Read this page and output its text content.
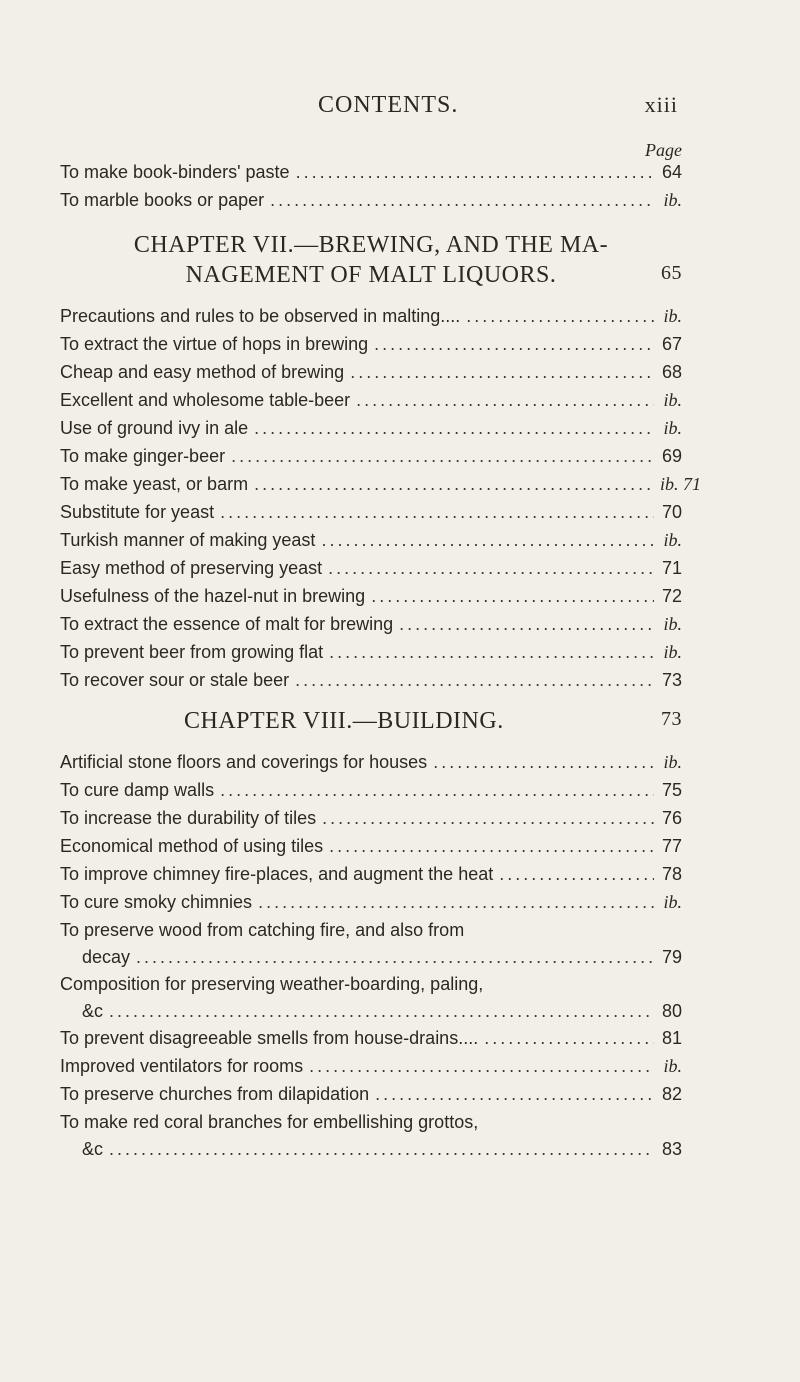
CONTENTS.	xiii
Page
To make book-binders' paste .....	64
To marble books or paper .....	ib.
CHAPTER VII.—BREWING, AND THE MA-
NAGEMENT OF MALT LIQUORS.	65
Precautions and rules to be observed in malting.... .....	ib.
To extract the virtue of hops in brewing .....	67
Cheap and easy method of brewing .....	68
Excellent and wholesome table-beer .....	ib.
Use of ground ivy in ale .....	ib.
To make ginger-beer .....	69
To make yeast, or barm .....	ib. 71
Substitute for yeast .....	70
Turkish manner of making yeast .....	ib.
Easy method of preserving yeast .....	71
Usefulness of the hazel-nut in brewing .....	72
To extract the essence of malt for brewing .....	ib.
To prevent beer from growing flat .....	ib.
To recover sour or stale beer .....	73
CHAPTER VIII.—BUILDING.	73
Artificial stone floors and coverings for houses .....	ib.
To cure damp walls .....	75
To increase the durability of tiles .....	76
Economical method of using tiles .....	77
To improve chimney fire-places, and augment the heat .....	78
To cure smoky chimnies .....	ib.
To preserve wood from catching fire, and also from
decay .....	79
Composition for preserving weather-boarding, paling,
&c .....	80
To prevent disagreeable smells from house-drains.... .....	81
Improved ventilators for rooms .....	ib.
To preserve churches from dilapidation .....	82
To make red coral branches for embellishing grottos,
&c .....	83
